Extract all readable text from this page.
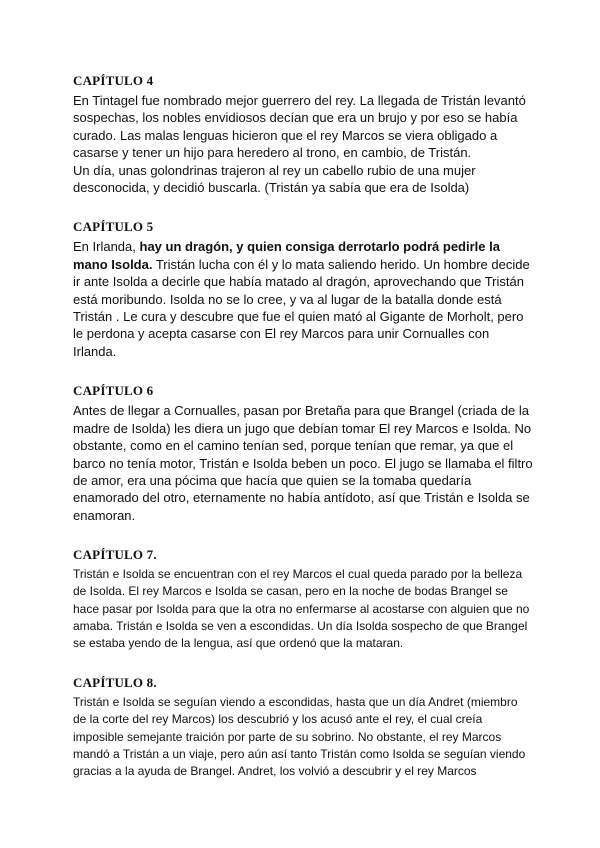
CAPÍTULO 4

En Tintagel fue nombrado mejor guerrero del rey. La llegada de Tristán levantó sospechas, los nobles envidiosos decían que era un brujo y por eso se había curado. Las malas lenguas hicieron que el rey Marcos se viera obligado a casarse y tener un hijo para heredero al trono, en cambio, de Tristán.

Un día, unas golondrinas trajeron al rey un cabello rubio de una mujer desconocida, y decidió buscarla. (Tristán ya sabía que era de Isolda)

CAPÍTULO 5

En Irlanda, hay un dragón, y quien consiga derrotarlo podrá pedirle la mano Isolda. Tristán lucha con él y lo mata saliendo herido. Un hombre decide ir ante Isolda a decirle que había matado al dragón, aprovechando que Tristán está moribundo. Isolda no se lo cree, y va al lugar de la batalla donde está Tristán . Le cura y descubre que fue el quien mató al Gigante de Morholt, pero le perdona y acepta casarse con El rey Marcos para unir Cornualles con Irlanda.

CAPÍTULO 6

Antes de llegar a Cornualles, pasan por Bretaña para que Brangel (criada de la madre de Isolda) les diera un jugo que debían tomar El rey Marcos e Isolda. No obstante, como en el camino tenían sed, porque tenían que remar, ya que el barco no tenía motor, Tristán e Isolda beben un poco. El jugo se llamaba el filtro de amor, era una pócima que hacía que quien se la tomaba quedaría enamorado del otro, eternamente no había antídoto, así que Tristán e Isolda se enamoran.

CAPÍTULO 7.

Tristán e Isolda se encuentran con el rey Marcos el cual queda parado por la belleza de Isolda. El rey Marcos e Isolda se casan, pero en la noche de bodas Brangel se hace pasar por Isolda para que la otra no enfermarse al acostarse con alguien que no amaba. Tristán e Isolda se ven a escondidas. Un día Isolda sospecho de que Brangel se estaba yendo de la lengua, así que ordenó que la mataran.

CAPÍTULO 8.

Tristán e Isolda se seguían viendo a escondidas, hasta que un día Andret (miembro de la corte del rey Marcos) los descubrió y los acusó ante el rey, el cual creía imposible semejante traición por parte de su sobrino. No obstante, el rey Marcos mandó a Tristán a un viaje, pero aún así tanto Tristán como Isolda se seguían viendo gracias a la ayuda de Brangel. Andret, los volvió a descubrir y el rey Marcos
